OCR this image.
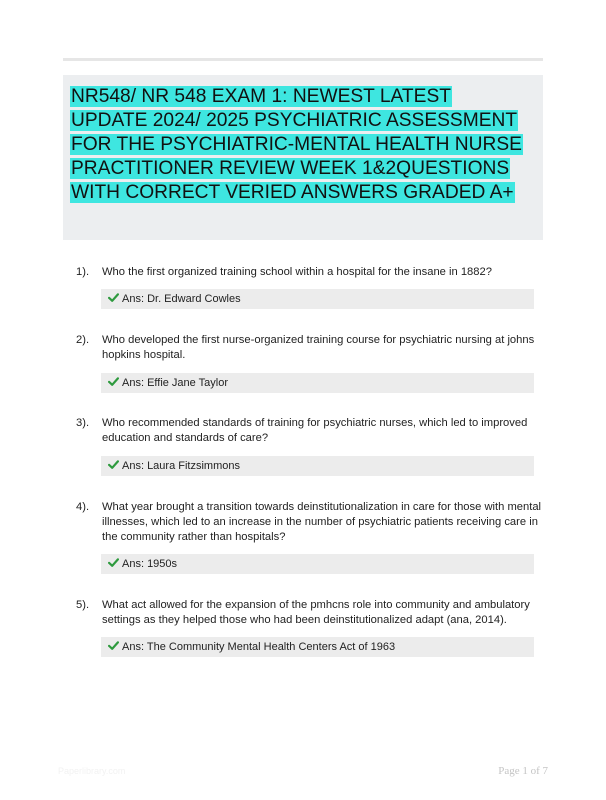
NR548/ NR 548 EXAM 1: NEWEST LATEST UPDATE 2024/ 2025 PSYCHIATRIC ASSESSMENT FOR THE PSYCHIATRIC-MENTAL HEALTH NURSE PRACTITIONER REVIEW WEEK 1&2QUESTIONS WITH CORRECT VERIED ANSWERS GRADED A+

1). Who the first organized training school within a hospital for the insane in 1882?
Ans: Dr. Edward Cowles
2). Who developed the first nurse-organized training course for psychiatric nursing at johns hopkins hospital.
Ans: Effie Jane Taylor
3). Who recommended standards of training for psychiatric nurses, which led to improved education and standards of care?
Ans: Laura Fitzsimmons
4). What year brought a transition towards deinstitutionalization in care for those with mental illnesses, which led to an increase in the number of psychiatric patients receiving care in the community rather than hospitals?
Ans: 1950s
5). What act allowed for the expansion of the pmhcns role into community and ambulatory settings as they helped those who had been deinstitutionalized adapt (ana, 2014).
Ans: The Community Mental Health Centers Act of 1963
Paperlibrary.com	Page 1 of 7
